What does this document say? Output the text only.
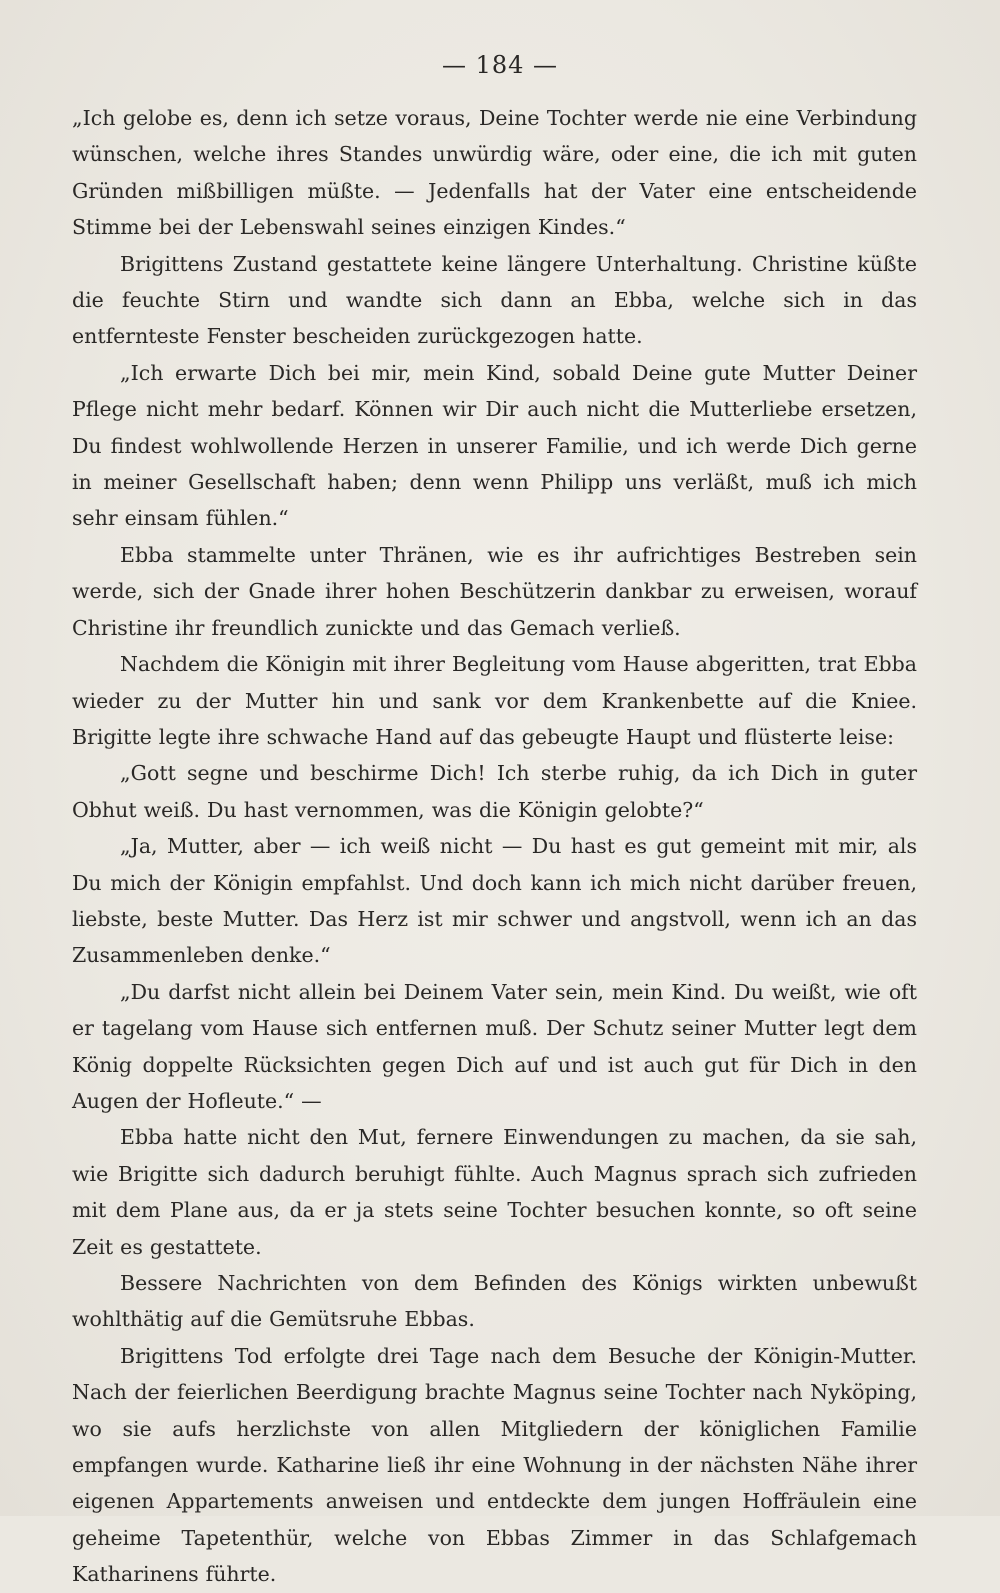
— 184 —

„Ich gelobe es, denn ich setze voraus, Deine Tochter werde nie eine Verbindung wünschen, welche ihres Standes unwürdig wäre, oder eine, die ich mit guten Gründen mißbilligen müßte. — Jedenfalls hat der Vater eine entscheidende Stimme bei der Lebenswahl seines einzigen Kindes.“

Brigittens Zustand gestattete keine längere Unterhaltung. Christine küßte die feuchte Stirn und wandte sich dann an Ebba, welche sich in das entfernteste Fenster bescheiden zurückgezogen hatte.

„Ich erwarte Dich bei mir, mein Kind, sobald Deine gute Mutter Deiner Pflege nicht mehr bedarf. Können wir Dir auch nicht die Mutterliebe ersetzen, Du findest wohlwollende Herzen in unserer Familie, und ich werde Dich gerne in meiner Gesellschaft haben; denn wenn Philipp uns verläßt, muß ich mich sehr einsam fühlen.“

Ebba stammelte unter Thränen, wie es ihr aufrichtiges Bestreben sein werde, sich der Gnade ihrer hohen Beschützerin dankbar zu erweisen, worauf Christine ihr freundlich zunickte und das Gemach verließ.

Nachdem die Königin mit ihrer Begleitung vom Hause abgeritten, trat Ebba wieder zu der Mutter hin und sank vor dem Krankenbette auf die Kniee. Brigitte legte ihre schwache Hand auf das gebeugte Haupt und flüsterte leise:

„Gott segne und beschirme Dich! Ich sterbe ruhig, da ich Dich in guter Obhut weiß. Du hast vernommen, was die Königin gelobte?“

„Ja, Mutter, aber — ich weiß nicht — Du hast es gut gemeint mit mir, als Du mich der Königin empfahlst. Und doch kann ich mich nicht darüber freuen, liebste, beste Mutter. Das Herz ist mir schwer und angstvoll, wenn ich an das Zusammenleben denke.“

„Du darfst nicht allein bei Deinem Vater sein, mein Kind. Du weißt, wie oft er tagelang vom Hause sich entfernen muß. Der Schutz seiner Mutter legt dem König doppelte Rücksichten gegen Dich auf und ist auch gut für Dich in den Augen der Hofleute.“ —

Ebba hatte nicht den Mut, fernere Einwendungen zu machen, da sie sah, wie Brigitte sich dadurch beruhigt fühlte. Auch Magnus sprach sich zufrieden mit dem Plane aus, da er ja stets seine Tochter besuchen konnte, so oft seine Zeit es gestattete.

Bessere Nachrichten von dem Befinden des Königs wirkten unbewußt wohlthätig auf die Gemütsruhe Ebbas.

Brigittens Tod erfolgte drei Tage nach dem Besuche der Königin-Mutter. Nach der feierlichen Beerdigung brachte Magnus seine Tochter nach Nyköping, wo sie aufs herzlichste von allen Mitgliedern der königlichen Familie empfangen wurde. Katharine ließ ihr eine Wohnung in der nächsten Nähe ihrer eigenen Appartements anweisen und entdeckte dem jungen Hoffräulein eine geheime Tapetenthür, welche von Ebbas Zimmer in das Schlafgemach Katharinens führte.
